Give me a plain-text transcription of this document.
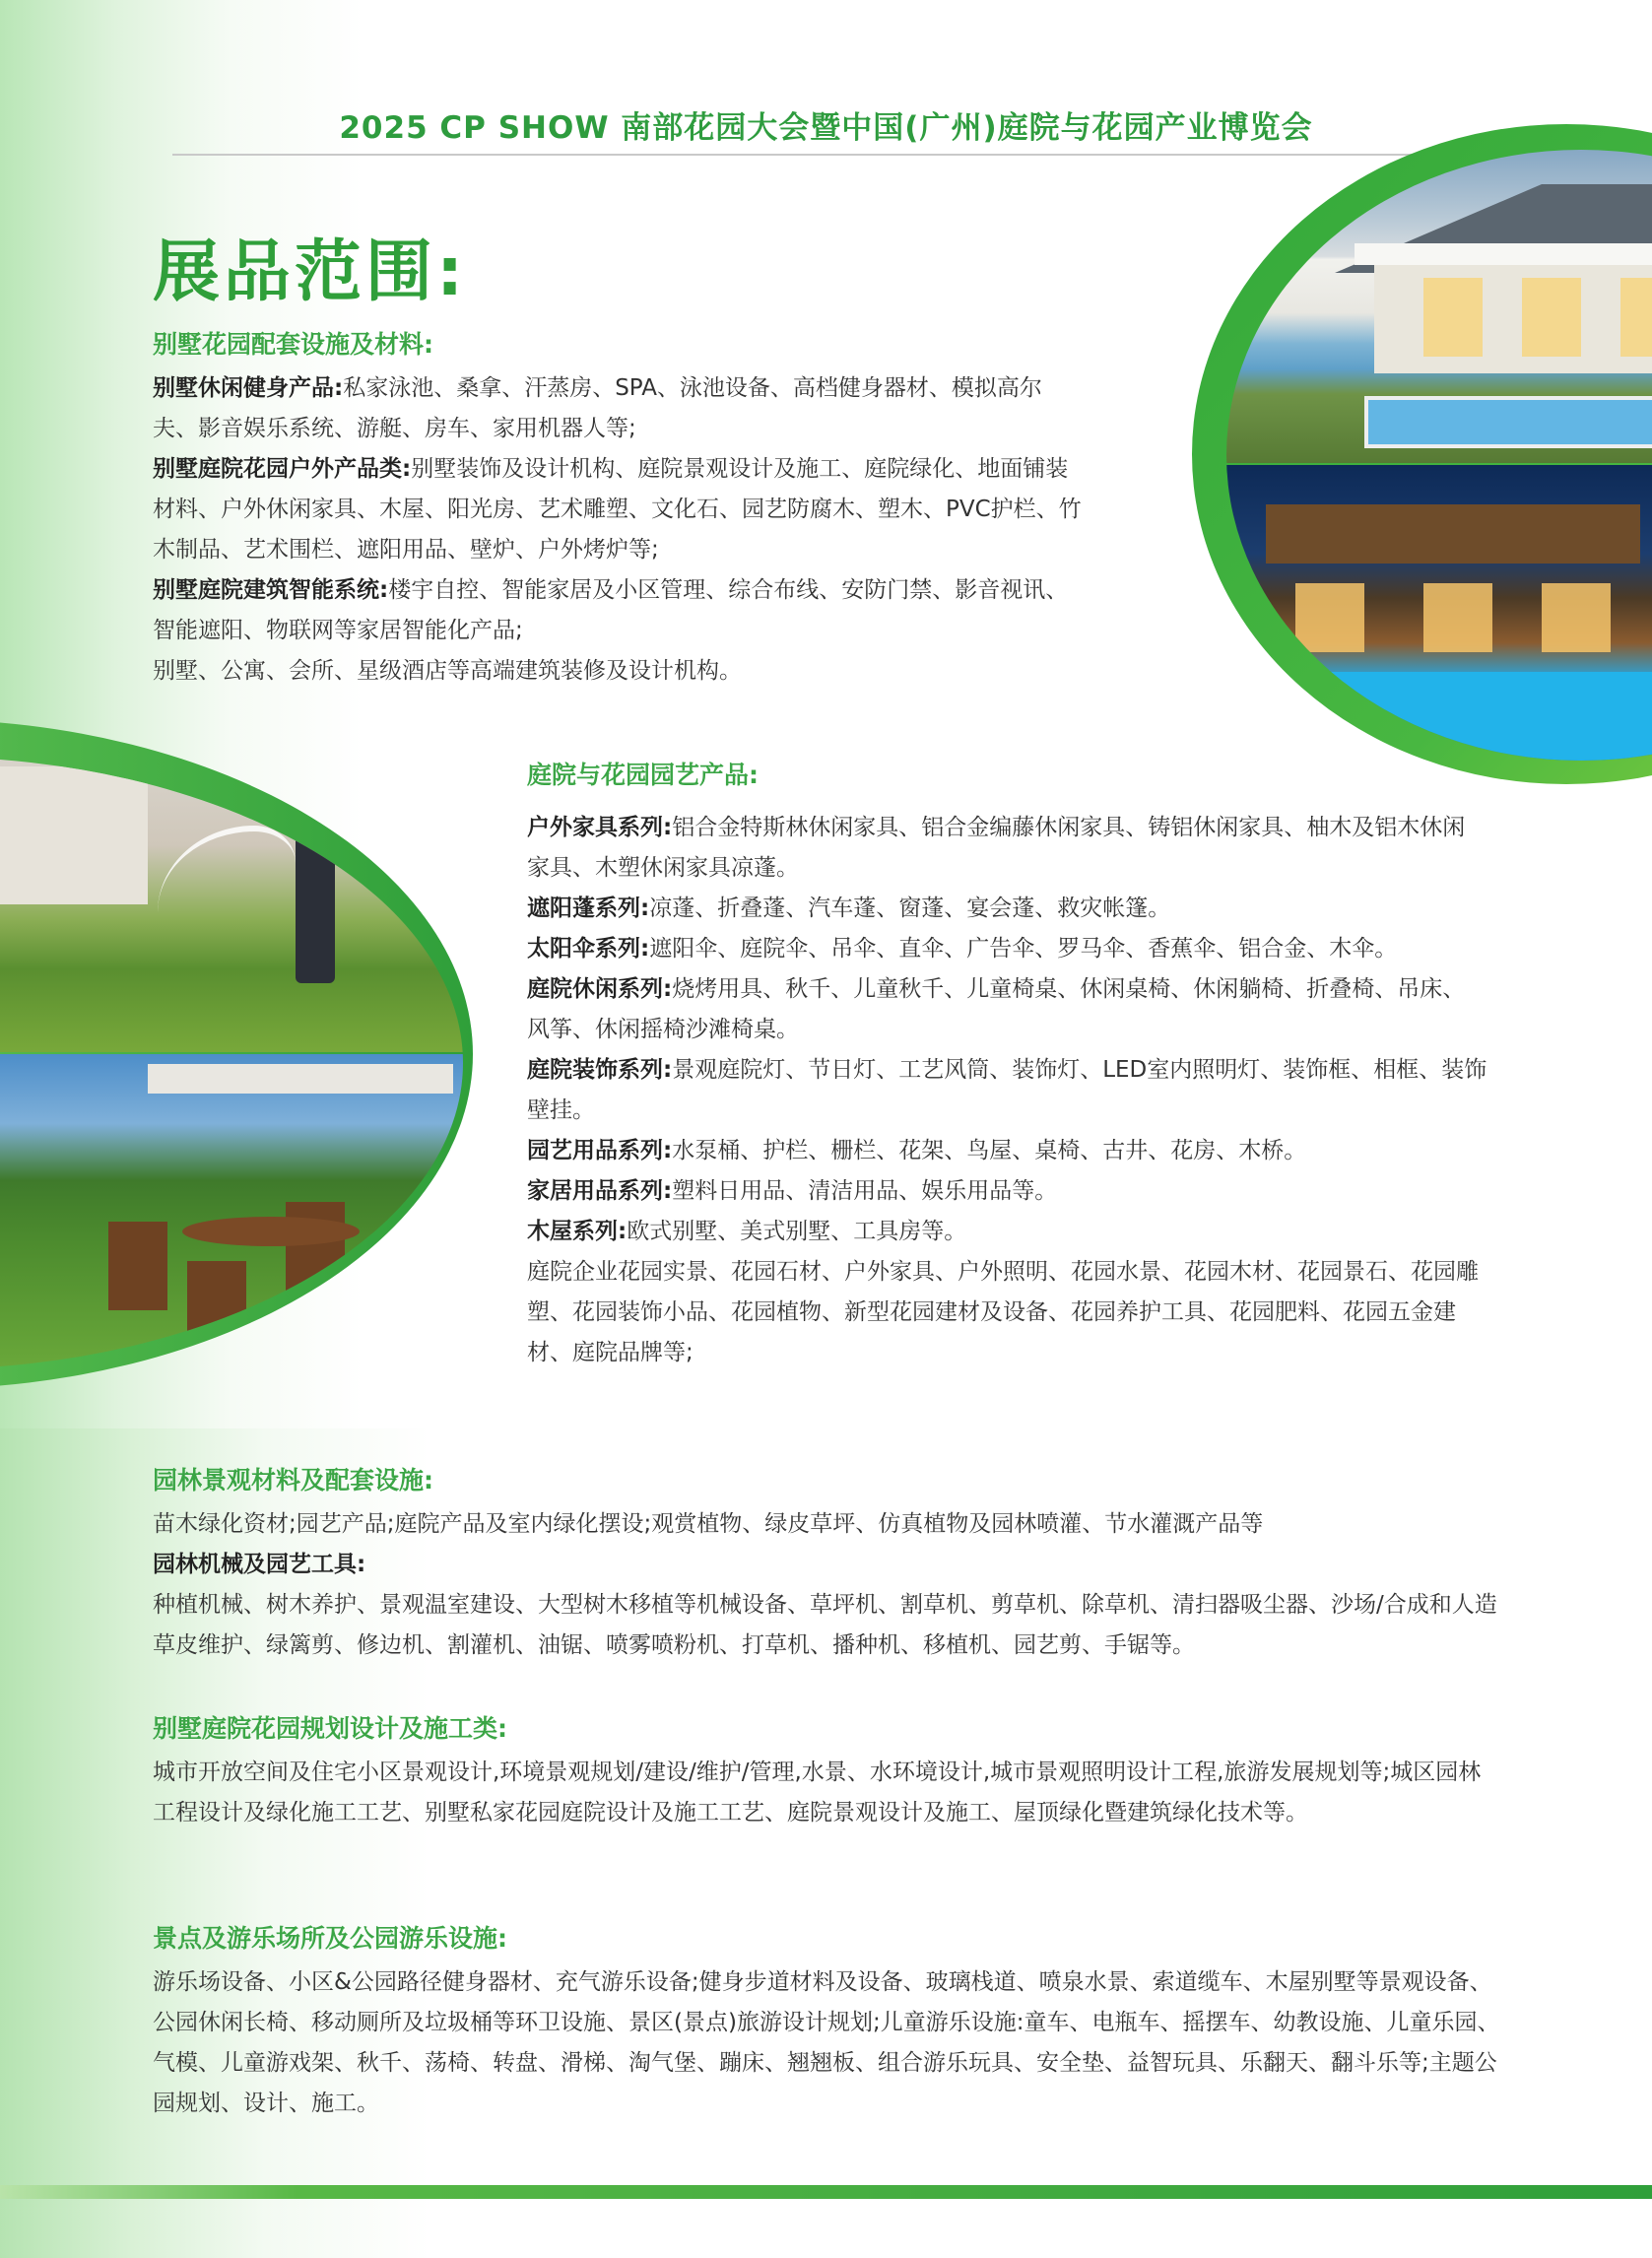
2025 CP SHOW 南部花园大会暨中国(广州)庭院与花园产业博览会
展品范围:
别墅花园配套设施及材料:
别墅休闲健身产品:私家泳池、桑拿、汗蒸房、SPA、泳池设备、高档健身器材、模拟高尔夫、影音娱乐系统、游艇、房车、家用机器人等;
别墅庭院花园户外产品类:别墅装饰及设计机构、庭院景观设计及施工、庭院绿化、地面铺装材料、户外休闲家具、木屋、阳光房、艺术雕塑、文化石、园艺防腐木、塑木、PVC护栏、竹木制品、艺术围栏、遮阳用品、壁炉、户外烤炉等;
别墅庭院建筑智能系统:楼宇自控、智能家居及小区管理、综合布线、安防门禁、影音视讯、智能遮阳、物联网等家居智能化产品;
别墅、公寓、会所、星级酒店等高端建筑装修及设计机构。
庭院与花园园艺产品:
户外家具系列:铝合金特斯林休闲家具、铝合金编藤休闲家具、铸铝休闲家具、柚木及铝木休闲家具、木塑休闲家具凉蓬。
遮阳蓬系列:凉蓬、折叠蓬、汽车蓬、窗蓬、宴会蓬、救灾帐篷。
太阳伞系列:遮阳伞、庭院伞、吊伞、直伞、广告伞、罗马伞、香蕉伞、铝合金、木伞。
庭院休闲系列:烧烤用具、秋千、儿童秋千、儿童椅桌、休闲桌椅、休闲躺椅、折叠椅、吊床、风筝、休闲摇椅沙滩椅桌。
庭院装饰系列:景观庭院灯、节日灯、工艺风筒、装饰灯、LED室内照明灯、装饰框、相框、装饰壁挂。
园艺用品系列:水泵桶、护栏、栅栏、花架、鸟屋、桌椅、古井、花房、木桥。
家居用品系列:塑料日用品、清洁用品、娱乐用品等。
木屋系列:欧式别墅、美式别墅、工具房等。
庭院企业花园实景、花园石材、户外家具、户外照明、花园水景、花园木材、花园景石、花园雕塑、花园装饰小品、花园植物、新型花园建材及设备、花园养护工具、花园肥料、花园五金建材、庭院品牌等;
园林景观材料及配套设施:
苗木绿化资材;园艺产品;庭院产品及室内绿化摆设;观赏植物、绿皮草坪、仿真植物及园林喷灌、节水灌溉产品等
园林机械及园艺工具:
种植机械、树木养护、景观温室建设、大型树木移植等机械设备、草坪机、割草机、剪草机、除草机、清扫器吸尘器、沙场/合成和人造草皮维护、绿篱剪、修边机、割灌机、油锯、喷雾喷粉机、打草机、播种机、移植机、园艺剪、手锯等。
别墅庭院花园规划设计及施工类:
城市开放空间及住宅小区景观设计,环境景观规划/建设/维护/管理,水景、水环境设计,城市景观照明设计工程,旅游发展规划等;城区园林工程设计及绿化施工工艺、别墅私家花园庭院设计及施工工艺、庭院景观设计及施工、屋顶绿化暨建筑绿化技术等。
景点及游乐场所及公园游乐设施:
游乐场设备、小区&公园路径健身器材、充气游乐设备;健身步道材料及设备、玻璃栈道、喷泉水景、索道缆车、木屋别墅等景观设备、公园休闲长椅、移动厕所及垃圾桶等环卫设施、景区(景点)旅游设计规划;儿童游乐设施:童车、电瓶车、摇摆车、幼教设施、儿童乐园、气模、儿童游戏架、秋千、荡椅、转盘、滑梯、淘气堡、蹦床、翘翘板、组合游乐玩具、安全垫、益智玩具、乐翻天、翻斗乐等;主题公园规划、设计、施工。
